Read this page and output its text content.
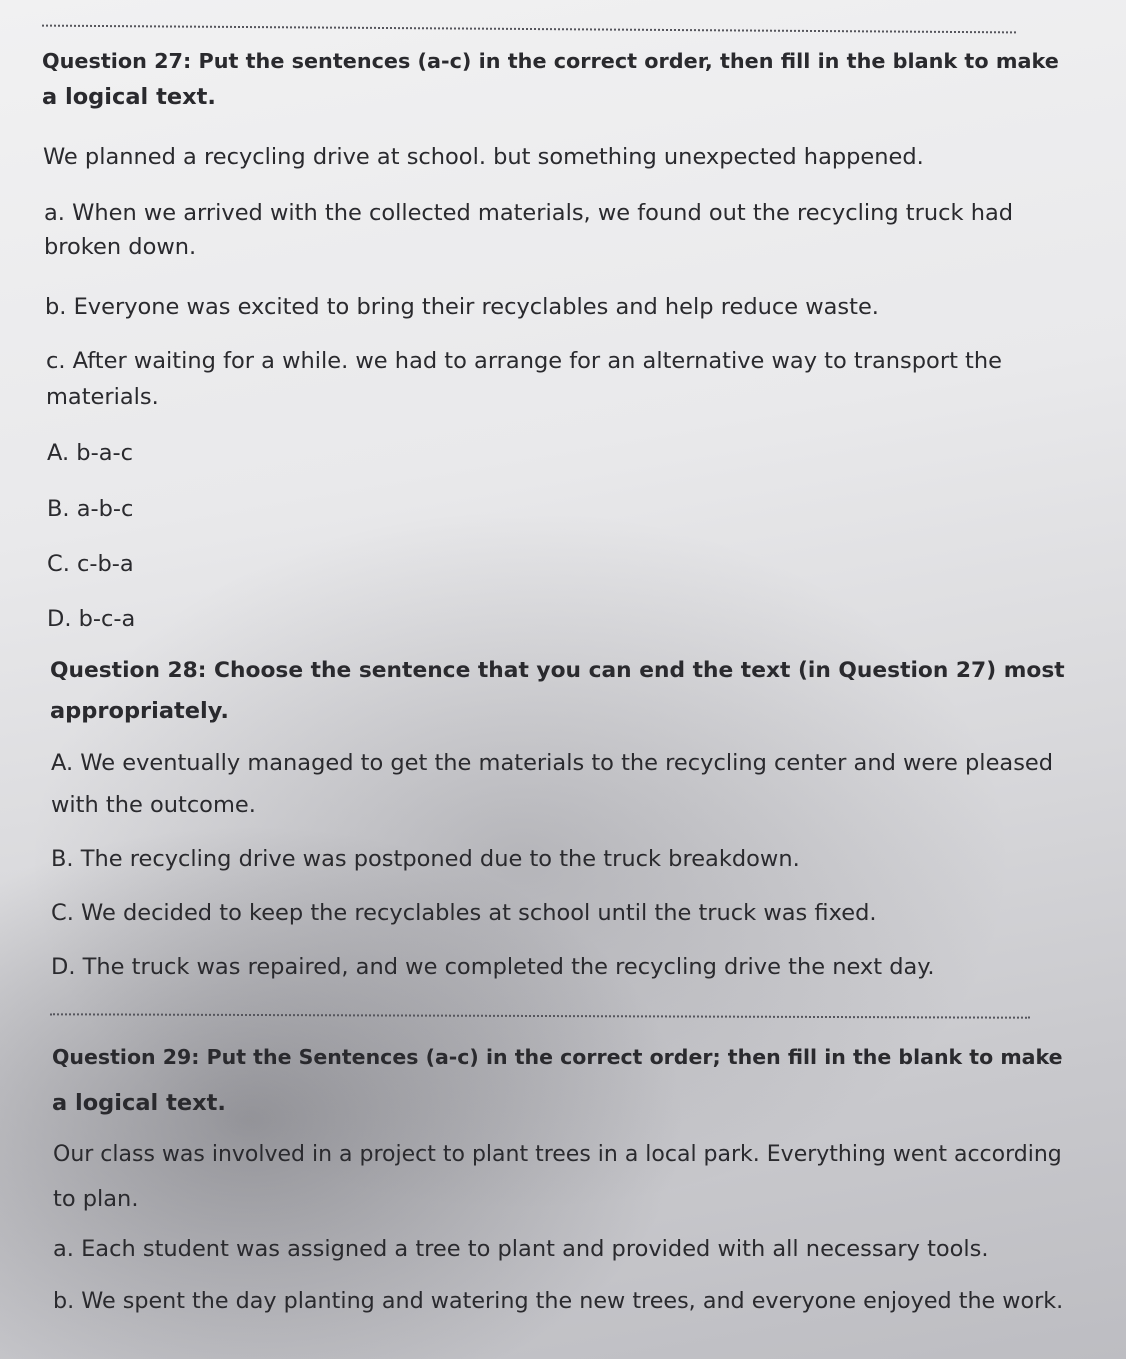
Question 27: Put the sentences (a-c) in the correct order, then fill in the blank to make
a logical text.
We planned a recycling drive at school. but something unexpected happened.
a. When we arrived with the collected materials, we found out the recycling truck had
broken down.
b. Everyone was excited to bring their recyclables and help reduce waste.
c. After waiting for a while. we had to arrange for an alternative way to transport the
materials.
A. b-a-c
B. a-b-c
C. c-b-a
D. b-c-a
Question 28: Choose the sentence that you can end the text (in Question 27) most
appropriately.
A. We eventually managed to get the materials to the recycling center and were pleased
with the outcome.
B. The recycling drive was postponed due to the truck breakdown.
C. We decided to keep the recyclables at school until the truck was fixed.
D. The truck was repaired, and we completed the recycling drive the next day.
Question 29: Put the Sentences (a-c) in the correct order; then fill in the blank to make
a logical text.
Our class was involved in a project to plant trees in a local park. Everything went according
to plan.
a. Each student was assigned a tree to plant and provided with all necessary tools.
b. We spent the day planting and watering the new trees, and everyone enjoyed the work.
